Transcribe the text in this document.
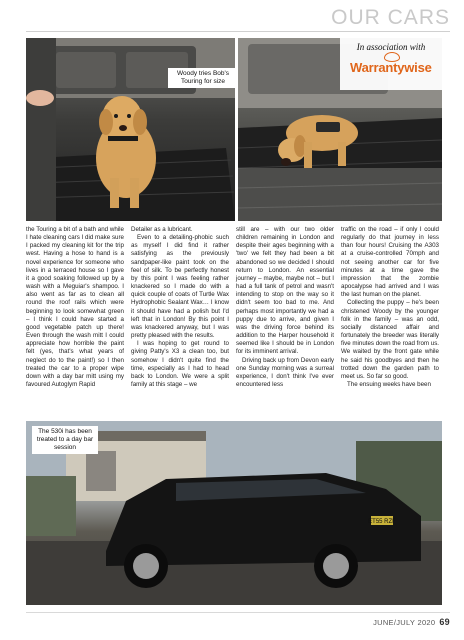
OUR CARS
Woody tries Bob's Touring for size
In association with
Warrantywise

the Touring a bit of a bath and while I hate cleaning cars I did make sure I packed my cleaning kit for the trip west. Having a hose to hand is a novel experience for someone who lives in a terraced house so I gave it a good soaking followed up by a wash with a Meguiar's shampoo. I also went as far as to clean all round the roof rails which were beginning to look somewhat green – I think I could have started a good vegetable patch up there! Even through the wash mitt I could appreciate how horrible the paint felt (yes, that's what years of neglect do to the paint!) so I then treated the car to a proper wipe down with a day bar mitt using my favoured Autoglym Rapid

Detailer as a lubricant.

Even to a detailing-phobic such as myself I did find it rather satisfying as the previously sandpaper-like paint took on the feel of silk. To be perfectly honest by this point I was feeling rather knackered so I made do with a quick couple of coats of Turtle Wax Hydrophobic Sealant Wax… I know it should have had a polish but I'd left that in London! By this point I was knackered anyway, but I was pretty pleased with the results.

I was hoping to get round to giving Patty's X3 a clean too, but somehow I didn't quite find the time, especially as I had to head back to London. We were a split family at this stage – we

still are – with our two older children remaining in London and despite their ages beginning with a 'two' we felt they had been a bit abandoned so we decided I should return to London. An essential journey – maybe, maybe not – but I had a full tank of petrol and wasn't intending to stop on the way so it didn't seem too bad to me. And perhaps most importantly we had a puppy due to arrive, and given I was the driving force behind its addition to the Harper household it seemed like I should be in London for its imminent arrival.

Driving back up from Devon early one Sunday morning was a surreal experience, I don't think I've ever encountered less

traffic on the road – if only I could regularly do that journey in less than four hours! Cruising the A303 at a cruise-controlled 70mph and not seeing another car for five minutes at a time gave the impression that the zombie apocalypse had arrived and I was the last human on the planet.

Collecting the puppy – he's been christened Woody by the younger folk in the family – was an odd, socially distanced affair and fortunately the breeder was literally five minutes down the road from us. We waited by the front gate while he said his goodbyes and then he trotted down the garden path to meet us. So far so good.

The ensuing weeks have been

ET55 RZF
The 530i has been treated to a day bar session
JUNE/JULY 2020 69
